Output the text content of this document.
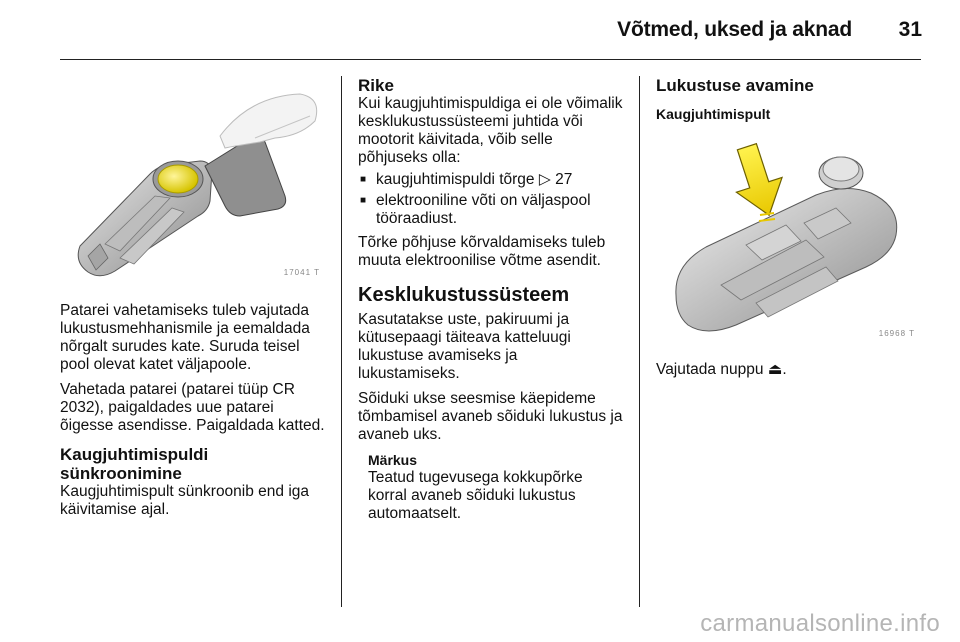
Võtmed, uksed ja aknad 31
17041 T

Patarei vahetamiseks tuleb vajutada lukustusmehhanismile ja eemaldada nõrgalt surudes kate. Suruda teisel pool olevat katet väljapoole.

Vahetada patarei (patarei tüüp CR 2032), paigaldades uue patarei õigesse asendisse. Paigaldada katted.

Kaugjuhtimispuldi sünkroonimine

Kaugjuhtimispult sünkroonib end iga käivitamise ajal.

Rike

Kui kaugjuhtimispuldiga ei ole võimalik kesklukustussüsteemi juhtida või mootorit käivitada, võib selle põhjuseks olla:

■ kaugjuhtimispuldi tõrge ▷ 27
■ elektrooniline võti on väljaspool tööraadiust.

Tõrke põhjuse kõrvaldamiseks tuleb muuta elektroonilise võtme asendit.

Kesklukustussüsteem

Kasutatakse uste, pakiruumi ja kütusepaagi täiteava katteluugi lukustuse avamiseks ja lukustamiseks.

Sõiduki ukse seesmise käepideme tõmbamisel avaneb sõiduki lukustus ja avaneb uks.

Märkus
Teatud tugevusega kokkupõrke korral avaneb sõiduki lukustus automaatselt.
Lukustuse avamine
Kaugjuhtimispult
16968 T

Vajutada nuppu ⏏.

carmanualsonline.info
